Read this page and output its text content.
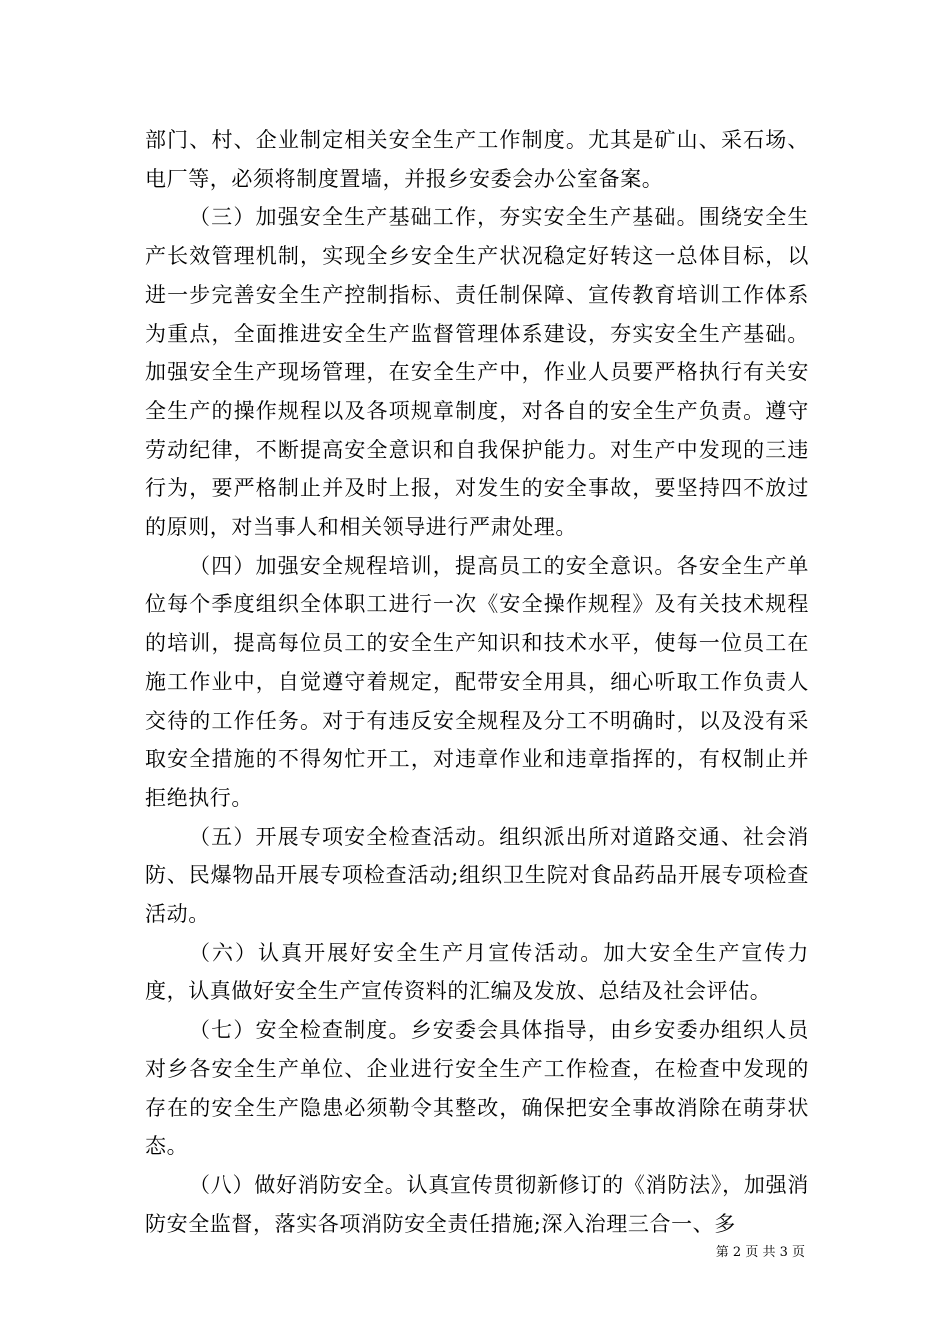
部门、村、企业制定相关安全生产工作制度。尤其是矿山、采石场、电厂等，必须将制度置墙，并报乡安委会办公室备案。

（三）加强安全生产基础工作，夯实安全生产基础。围绕安全生产长效管理机制，实现全乡安全生产状况稳定好转这一总体目标，以进一步完善安全生产控制指标、责任制保障、宣传教育培训工作体系为重点，全面推进安全生产监督管理体系建设，夯实安全生产基础。加强安全生产现场管理，在安全生产中，作业人员要严格执行有关安全生产的操作规程以及各项规章制度，对各自的安全生产负责。遵守劳动纪律，不断提高安全意识和自我保护能力。对生产中发现的三违行为，要严格制止并及时上报，对发生的安全事故，要坚持四不放过的原则，对当事人和相关领导进行严肃处理。

（四）加强安全规程培训，提高员工的安全意识。各安全生产单位每个季度组织全体职工进行一次《安全操作规程》及有关技术规程的培训，提高每位员工的安全生产知识和技术水平，使每一位员工在施工作业中，自觉遵守着规定，配带安全用具，细心听取工作负责人交待的工作任务。对于有违反安全规程及分工不明确时，以及没有采取安全措施的不得匆忙开工，对违章作业和违章指挥的，有权制止并拒绝执行。

（五）开展专项安全检查活动。组织派出所对道路交通、社会消防、民爆物品开展专项检查活动;组织卫生院对食品药品开展专项检查活动。

（六）认真开展好安全生产月宣传活动。加大安全生产宣传力度，认真做好安全生产宣传资料的汇编及发放、总结及社会评估。

（七）安全检查制度。乡安委会具体指导，由乡安委办组织人员对乡各安全生产单位、企业进行安全生产工作检查，在检查中发现的存在的安全生产隐患必须勒令其整改，确保把安全事故消除在萌芽状态。

（八）做好消防安全。认真宣传贯彻新修订的《消防法》，加强消防安全监督，落实各项消防安全责任措施;深入治理三合一、多

第 2 页 共 3 页
